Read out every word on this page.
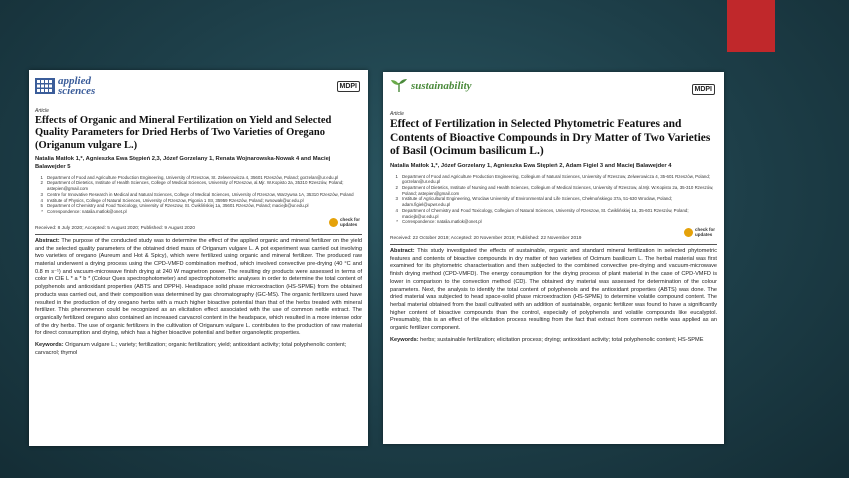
applied
sciences	MDPI
Article
Effects of Organic and Mineral Fertilization on Yield and Selected Quality Parameters for Dried Herbs of Two Varieties of Oregano (Origanum vulgare L.)
Natalia Matłok 1,*, Agnieszka Ewa Stępień 2,3, Józef Gorzelany 1, Renata Wojnarowska-Nowak 4 and Maciej Balawejder 5
1 Department of Food and Agriculture Production Engineering, University of Rzeszow, St. Zelwerowicza 4, 35601 Rzeszów, Poland; gorzelan@ur.edu.pl
2 Department of Dietetics, Institute of Health Sciences, College of Medical Sciences, University of Rzeszow, al.Mjr. W.Kopisto 2a, 35310 Rzeszów, Poland; astepien@gmail.com
3 Centre for Innovative Research in Medical and Natural Sciences, College of Medical Sciences, University of Rzeszow, Warzywna 1A, 35310 Rzeszów, Poland
4 Institute of Physics, College of Natural Sciences, University of Rzeszow, Pigonia 1 Str, 35959 Rzeszów, Poland; rwnowak@ur.edu.pl
5 Department of Chemistry and Food Toxicology, University of Rzeszow, St. Ćwiklińskiej 1a, 35601 Rzeszów, Poland; maciejb@ur.edu.pl
* Correspondence: natalia.matlok@onet.pl
Received: 8 July 2020; Accepted: 5 August 2020; Published: 9 August 2020
check for
updates
Abstract: The purpose of the conducted study was to determine the effect of the applied organic and mineral fertilizer on the yield and the selected quality parameters of the obtained dried mass of Origanum vulgare L. A pot experiment was carried out involving two varieties of oregano (Aureum and Hot & Spicy), which were fertilized using organic and mineral fertilizer. The produced raw material underwent a drying process using the CPD-VMFD combination method, which involved convective pre-drying (40 °C and 0.8 m s⁻¹) and vacuum-microwave finish drying at 240 W magnetron power. The resulting dry products were assessed in terms of color in CIE L * a * b * (Colour Ques spectrophotometer) and spectrophotometric analyses in order to determine the total content of polyphenols and antioxidant properties (ABTS and DPPH). Headspace solid phase microextraction (HS-SPME) from the obtained products was carried out, and their composition was determined by gas chromatography (GC-MS). The organic fertilizers used have resulted in the production of dry oregano herbs with a much higher bioactive potential than that of the herbs treated with mineral fertilizer. This phenomenon could be recognized as an elicitation effect associated with the use of common nettle extract. The organically fertilized oregano also contained an increased carvacrol content in the headspace, which resulted in a more intense odor of the dry herbs. The use of organic fertilizers in the cultivation of Origanum vulgare L. contributes to the production of raw material for direct consumption and drying, which has a higher bioactive potential and better organoleptic properties.
Keywords: Origanum vulgare L.; variety; fertilization; organic fertilization; yield; antioxidant activity; total polyphenolic content; carvacrol; thymol
sustainability	MDPI
Article
Effect of Fertilization in Selected Phytometric Features and Contents of Bioactive Compounds in Dry Matter of Two Varieties of Basil (Ocimum basilicum L.)
Natalia Matłok 1,*, Józef Gorzelany 1, Agnieszka Ewa Stępień 2, Adam Figiel 3 and Maciej Balawejder 4
1 Department of Food and Agriculture Production Engineering, Collegium of Natural Sciences, University of Rzeszow, Zelwerowicza 4, 35-601 Rzeszów, Poland; gorzelan@ur.edu.pl
2 Department of Dietetics, Institute of Nursing and Health Sciences, Collegium of Medical Sciences, University of Rzeszow, al.Mjr. W.Kopisto 2a, 35-310 Rzeszów, Poland; astepien@gmail.com
3 Institute of Agricultural Engineering, Wroclaw University of Environmental and Life Sciences, Chełmońskiego 37a, 51-630 Wrocław, Poland; adam.figiel@upwr.edu.pl
4 Department of Chemistry and Food Toxicology, Collegium of Natural Sciences, University of Rzeszow, St. Ćwiklińskiej 1a, 35-601 Rzeszów, Poland; maciejb@ur.edu.pl
* Correspondence: natalia.matlok@onet.pl
Received: 22 October 2019; Accepted: 20 November 2019; Published: 22 November 2019
check for
updates
Abstract: This study investigated the effects of sustainable, organic and standard mineral fertilization in selected phytometric features and contents of bioactive compounds in dry matter of two varieties of Ocimum basilicum L. The herbal material was first examined for its phytometric characterisation and then subjected to the combined convective pre-drying and vacuum-microwave finish drying method (CPD-VMFD). The energy consumption for the drying process of plant material in the case of CPD-VMFD is lower in comparison to the convection method (CD). The obtained dry material was assessed for determination of the colour parameters. Next, the analysis to identify the total content of polyphenols and the antioxidant properties (ABTS) was done. The dried material was subjected to head space-solid phase microextraction (HS-SPME) to determine volatile compound content. The herbal material obtained from the basil cultivated with an addition of sustainable, organic fertilizer was found to have a significantly higher content of bioactive compounds than the control, especially of polyphenols and volatile compounds like eucalyptol. Presumably, this is an effect of the elicitation process resulting from the fact that extract from common nettle was applied as an organic fertilizer component.
Keywords: herbs; sustainable fertilization; elicitation process; drying; antioxidant activity; total polyphenolic content; HS-SPME
